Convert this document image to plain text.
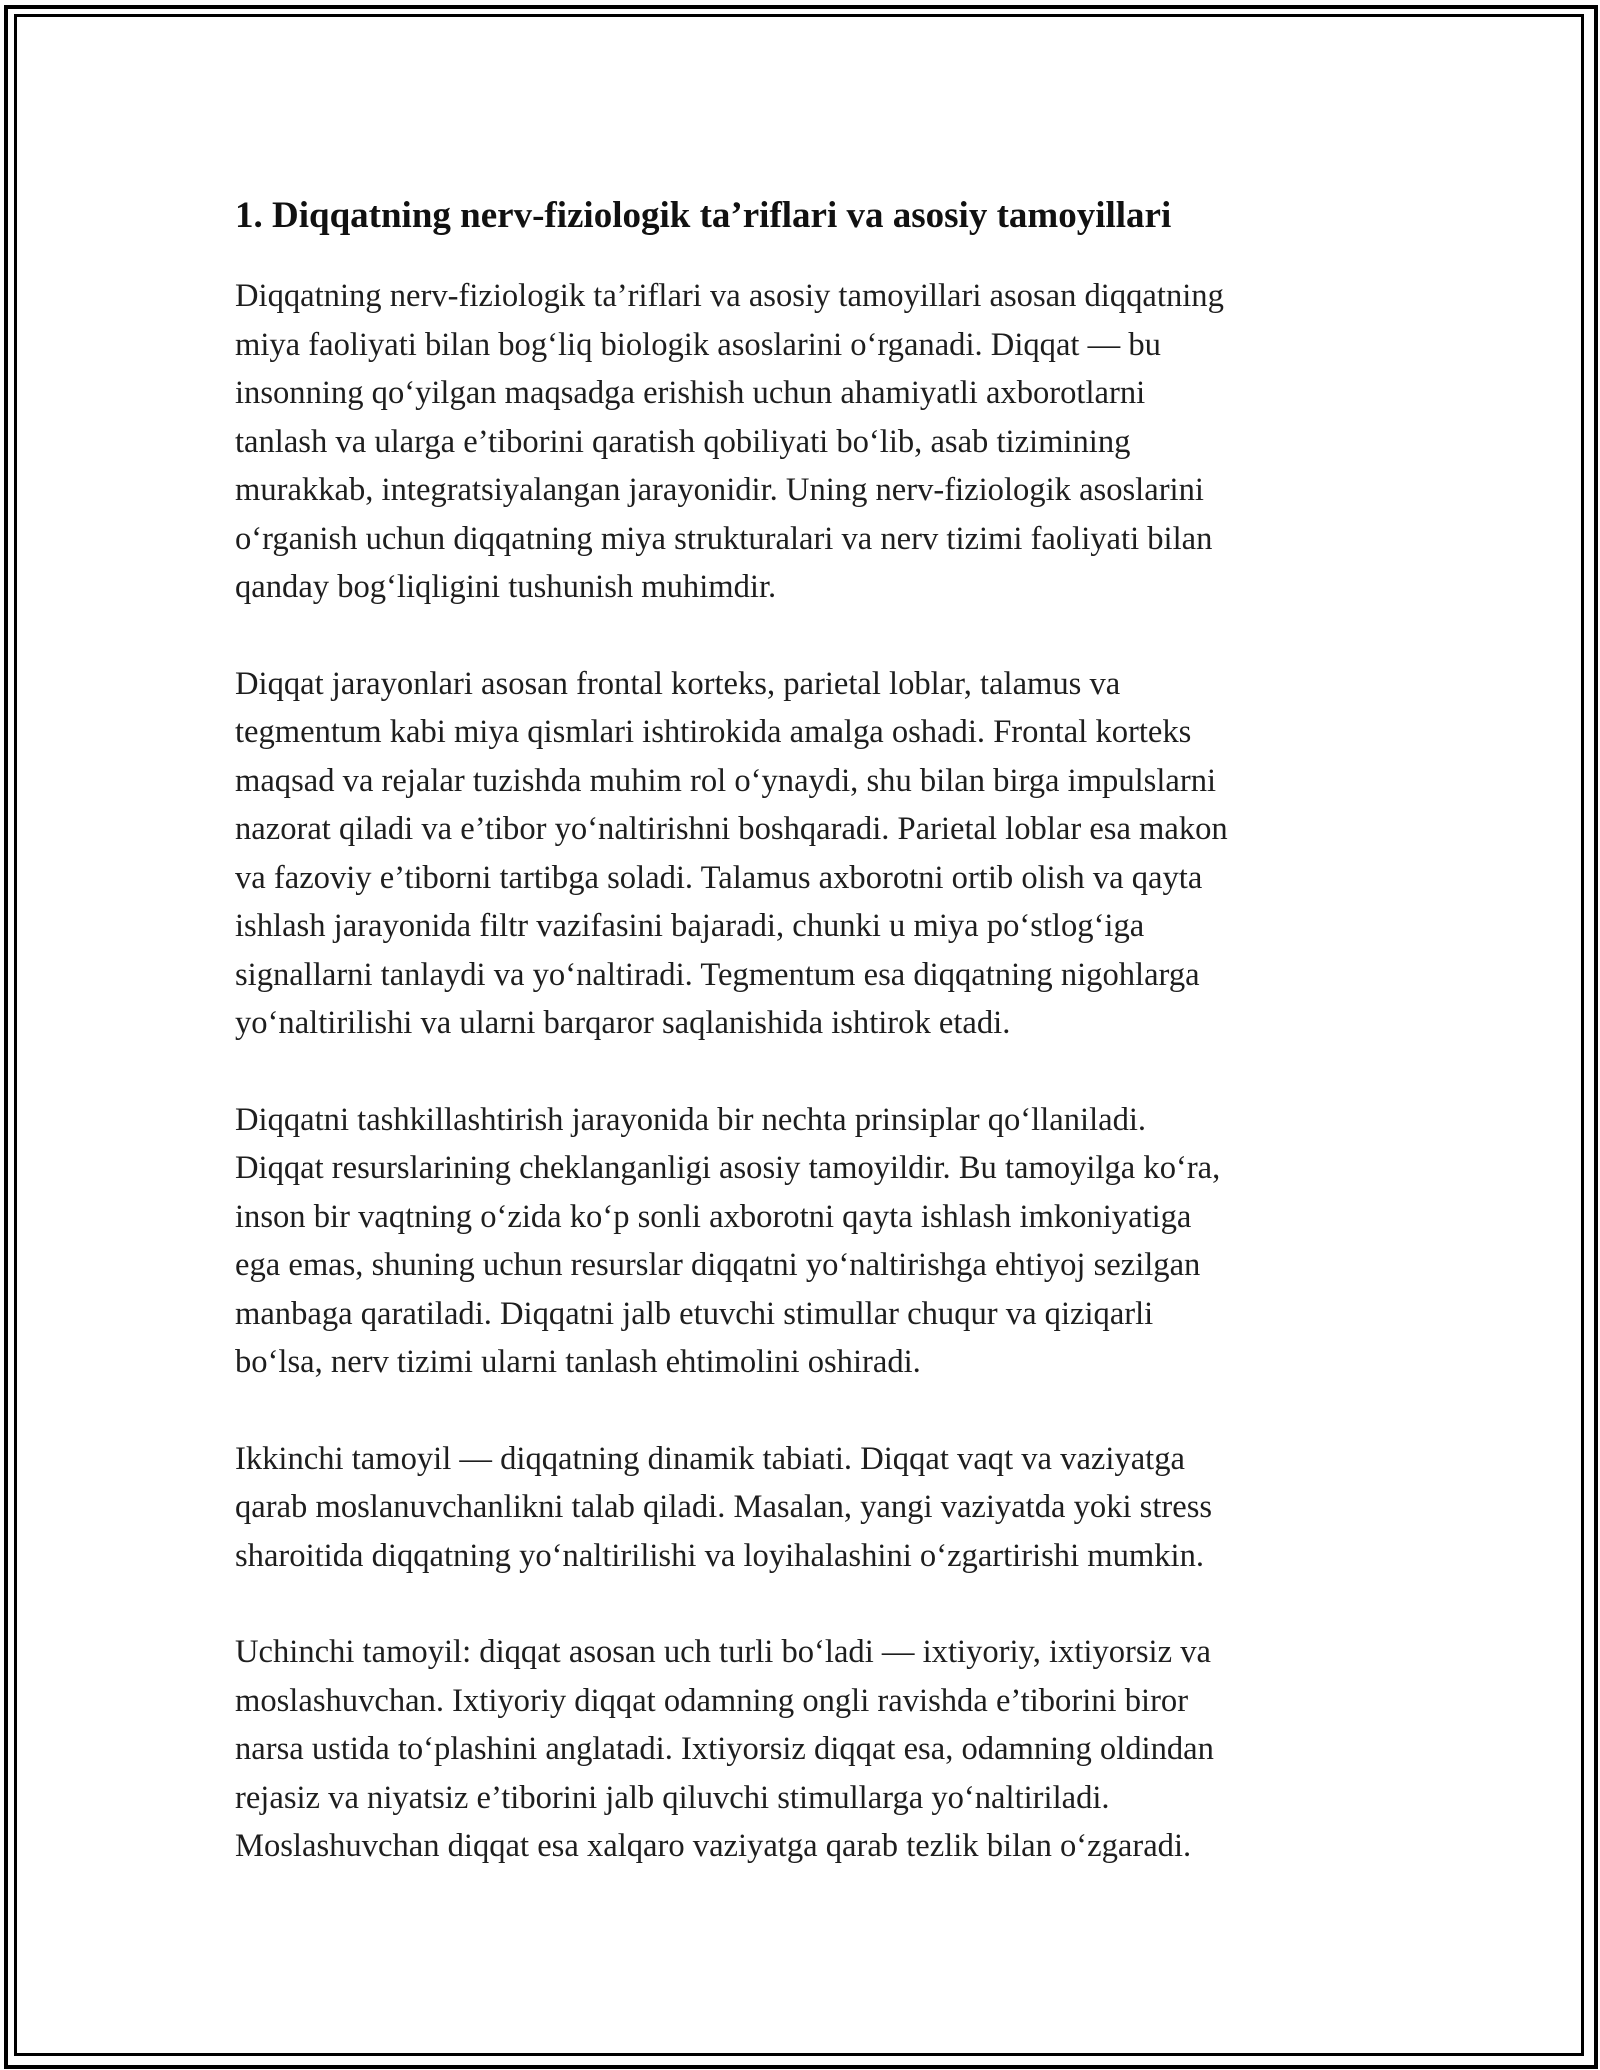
1. Diqqatning nerv-fiziologik ta’riflari va asosiy tamoyillari

Diqqatning nerv-fiziologik ta’riflari va asosiy tamoyillari asosan diqqatning
miya faoliyati bilan bog‘liq biologik asoslarini o‘rganadi. Diqqat — bu
insonning qo‘yilgan maqsadga erishish uchun ahamiyatli axborotlarni
tanlash va ularga e’tiborini qaratish qobiliyati bo‘lib, asab tizimining
murakkab, integratsiyalangan jarayonidir. Uning nerv-fiziologik asoslarini
o‘rganish uchun diqqatning miya strukturalari va nerv tizimi faoliyati bilan
qanday bog‘liqligini tushunish muhimdir.

Diqqat jarayonlari asosan frontal korteks, parietal loblar, talamus va
tegmentum kabi miya qismlari ishtirokida amalga oshadi. Frontal korteks
maqsad va rejalar tuzishda muhim rol o‘ynaydi, shu bilan birga impulslarni
nazorat qiladi va e’tibor yo‘naltirishni boshqaradi. Parietal loblar esa makon
va fazoviy e’tiborni tartibga soladi. Talamus axborotni ortib olish va qayta
ishlash jarayonida filtr vazifasini bajaradi, chunki u miya po‘stlog‘iga
signallarni tanlaydi va yo‘naltiradi. Tegmentum esa diqqatning nigohlarga
yo‘naltirilishi va ularni barqaror saqlanishida ishtirok etadi.

Diqqatni tashkillashtirish jarayonida bir nechta prinsiplar qo‘llaniladi.
Diqqat resurslarining cheklanganligi asosiy tamoyildir. Bu tamoyilga ko‘ra,
inson bir vaqtning o‘zida ko‘p sonli axborotni qayta ishlash imkoniyatiga
ega emas, shuning uchun resurslar diqqatni yo‘naltirishga ehtiyoj sezilgan
manbaga qaratiladi. Diqqatni jalb etuvchi stimullar chuqur va qiziqarli
bo‘lsa, nerv tizimi ularni tanlash ehtimolini oshiradi.

Ikkinchi tamoyil — diqqatning dinamik tabiati. Diqqat vaqt va vaziyatga
qarab moslanuvchanlikni talab qiladi. Masalan, yangi vaziyatda yoki stress
sharoitida diqqatning yo‘naltirilishi va loyihalashini o‘zgartirishi mumkin.

Uchinchi tamoyil: diqqat asosan uch turli bo‘ladi — ixtiyoriy, ixtiyorsiz va
moslashuvchan. Ixtiyoriy diqqat odamning ongli ravishda e’tiborini biror
narsa ustida to‘plashini anglatadi. Ixtiyorsiz diqqat esa, odamning oldindan
rejasiz va niyatsiz e’tiborini jalb qiluvchi stimullarga yo‘naltiriladi.
Moslashuvchan diqqat esa xalqaro vaziyatga qarab tezlik bilan o‘zgaradi.
